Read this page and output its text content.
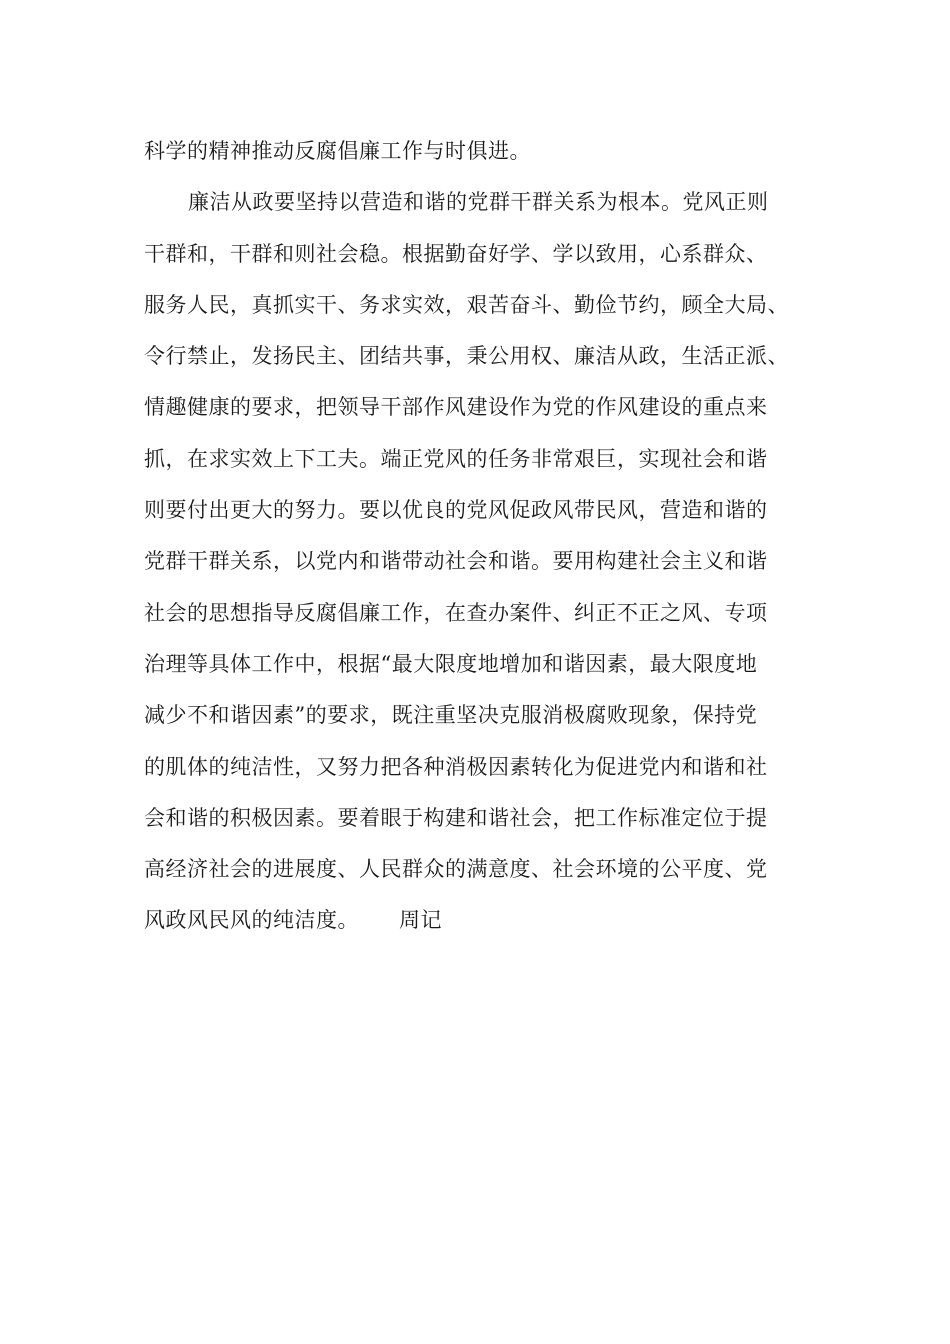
科学的精神推动反腐倡廉工作与时俱进。
廉洁从政要坚持以营造和谐的党群干群关系为根本。党风正则
干群和，干群和则社会稳。根据勤奋好学、学以致用，心系群众、
服务人民，真抓实干、务求实效，艰苦奋斗、勤俭节约，顾全大局、
令行禁止，发扬民主、团结共事，秉公用权、廉洁从政，生活正派、
情趣健康的要求，把领导干部作风建设作为党的作风建设的重点来
抓，在求实效上下工夫。端正党风的任务非常艰巨，实现社会和谐
则要付出更大的努力。要以优良的党风促政风带民风，营造和谐的
党群干群关系，以党内和谐带动社会和谐。要用构建社会主义和谐
社会的思想指导反腐倡廉工作，在查办案件、纠正不正之风、专项
治理等具体工作中，根据“最大限度地增加和谐因素，最大限度地
减少不和谐因素”的要求，既注重坚决克服消极腐败现象，保持党
的肌体的纯洁性，又努力把各种消极因素转化为促进党内和谐和社
会和谐的积极因素。要着眼于构建和谐社会，把工作标准定位于提
高经济社会的进展度、人民群众的满意度、社会环境的公平度、党
风政风民风的纯洁度。 周记
